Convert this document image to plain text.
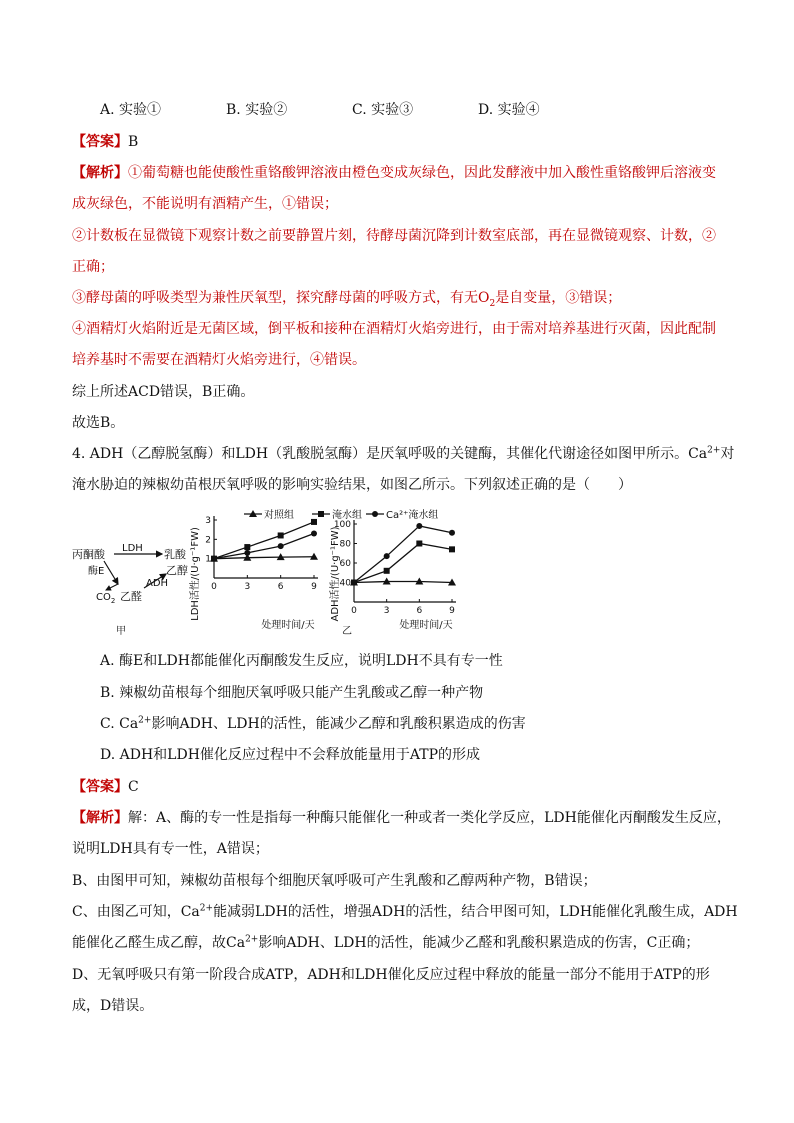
A. 实验①	B. 实验②	C. 实验③	D. 实验④
【答案】B
【解析】①葡萄糖也能使酸性重铬酸钾溶液由橙色变成灰绿色，因此发酵液中加入酸性重铬酸钾后溶液变
成灰绿色，不能说明有酒精产生，①错误；
②计数板在显微镜下观察计数之前要静置片刻，待酵母菌沉降到计数室底部，再在显微镜观察、计数，②
正确；
③酵母菌的呼吸类型为兼性厌氧型，探究酵母菌的呼吸方式，有无$O_2$是自变量，③错误；
④酒精灯火焰附近是无菌区域，倒平板和接种在酒精灯火焰旁进行，由于需对培养基进行灭菌，因此配制
培养基时不需要在酒精灯火焰旁进行，④错误。
综上所述ACD错误，B正确。
故选B。
4. ADH（乙醇脱氢酶）和LDH（乳酸脱氢酶）是厌氧呼吸的关键酶，其催化代谢途径如图甲所示。$Ca^{2+}$对
淹水胁迫的辣椒幼苗根厌氧呼吸的影响实验结果，如图乙所示。下列叙述正确的是（　　）
丙酮酸 LDH 乳酸
酶E
$CO_2$ 乙醛
ADH
乙醇
甲
对照组	淹水组 Ca²⁺淹水组
LDH活性/(U·g⁻¹FW)
处理时间/天
0	3	6	9
1
2
3
ADH活性/(U·g⁻¹FW)
处理时间/天
乙
0	3	6	9
40
60
80
100
A. 酶E和LDH都能催化丙酮酸发生反应，说明LDH不具有专一性
B. 辣椒幼苗根每个细胞厌氧呼吸只能产生乳酸或乙醇一种产物
C. $Ca^{2+}$影响ADH、LDH的活性，能减少乙醇和乳酸积累造成的伤害
D. ADH和LDH催化反应过程中不会释放能量用于ATP的形成
【答案】C
【解析】解：A、酶的专一性是指每一种酶只能催化一种或者一类化学反应，LDH能催化丙酮酸发生反应，
说明LDH具有专一性，A错误；
B、由图甲可知，辣椒幼苗根每个细胞厌氧呼吸可产生乳酸和乙醇两种产物，B错误；
C、由图乙可知，$Ca^{2+}$能减弱LDH的活性，增强ADH的活性，结合甲图可知，LDH能催化乳酸生成，ADH
能催化乙醛生成乙醇，故$Ca^{2+}$影响ADH、LDH的活性，能减少乙醛和乳酸积累造成的伤害，C正确；
D、无氧呼吸只有第一阶段合成ATP，ADH和LDH催化反应过程中释放的能量一部分不能用于ATP的形
成，D错误。
